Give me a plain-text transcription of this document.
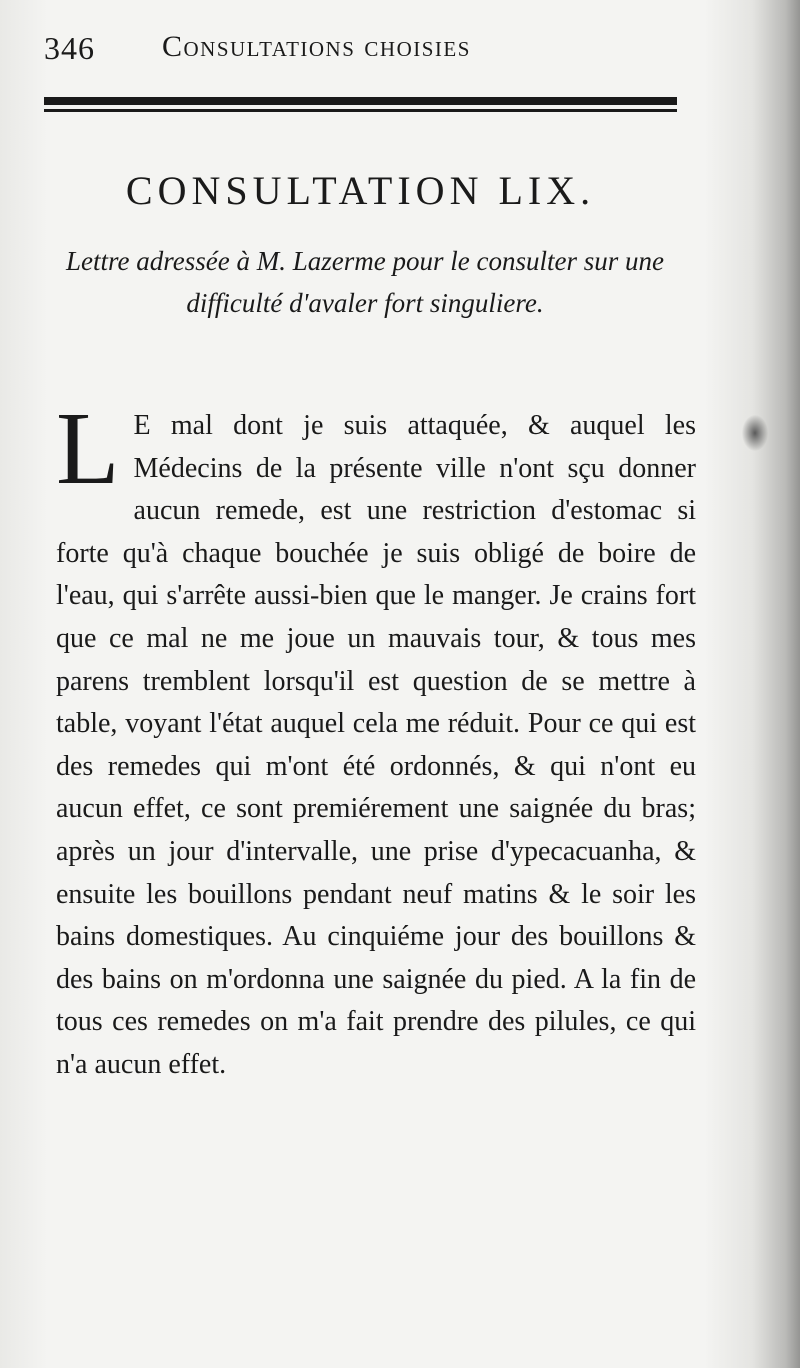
346 Consultations choisies
CONSULTATION LIX.
Lettre adressée à M. Lazerme pour le consulter sur une difficulté d'avaler fort singuliere.
L E mal dont je suis attaquée, & auquel les Médecins de la présente ville n'ont sçu donner aucun remede, est une restriction d'estomac si forte qu'à chaque bouchée je suis obligé de boire de l'eau, qui s'arrête aussi-bien que le manger. Je crains fort que ce mal ne me joue un mauvais tour, & tous mes parens tremblent lorsqu'il est question de se mettre à table, voyant l'état auquel cela me réduit. Pour ce qui est des remedes qui m'ont été ordonnés, & qui n'ont eu aucun effet, ce sont premiérement une saignée du bras; après un jour d'intervalle, une prise d'ypecacuanha, & ensuite les bouillons pendant neuf matins & le soir les bains domestiques. Au cinquiéme jour des bouillons & des bains on m'ordonna une saignée du pied. A la fin de tous ces remedes on m'a fait prendre des pilules, ce qui n'a aucun effet.
